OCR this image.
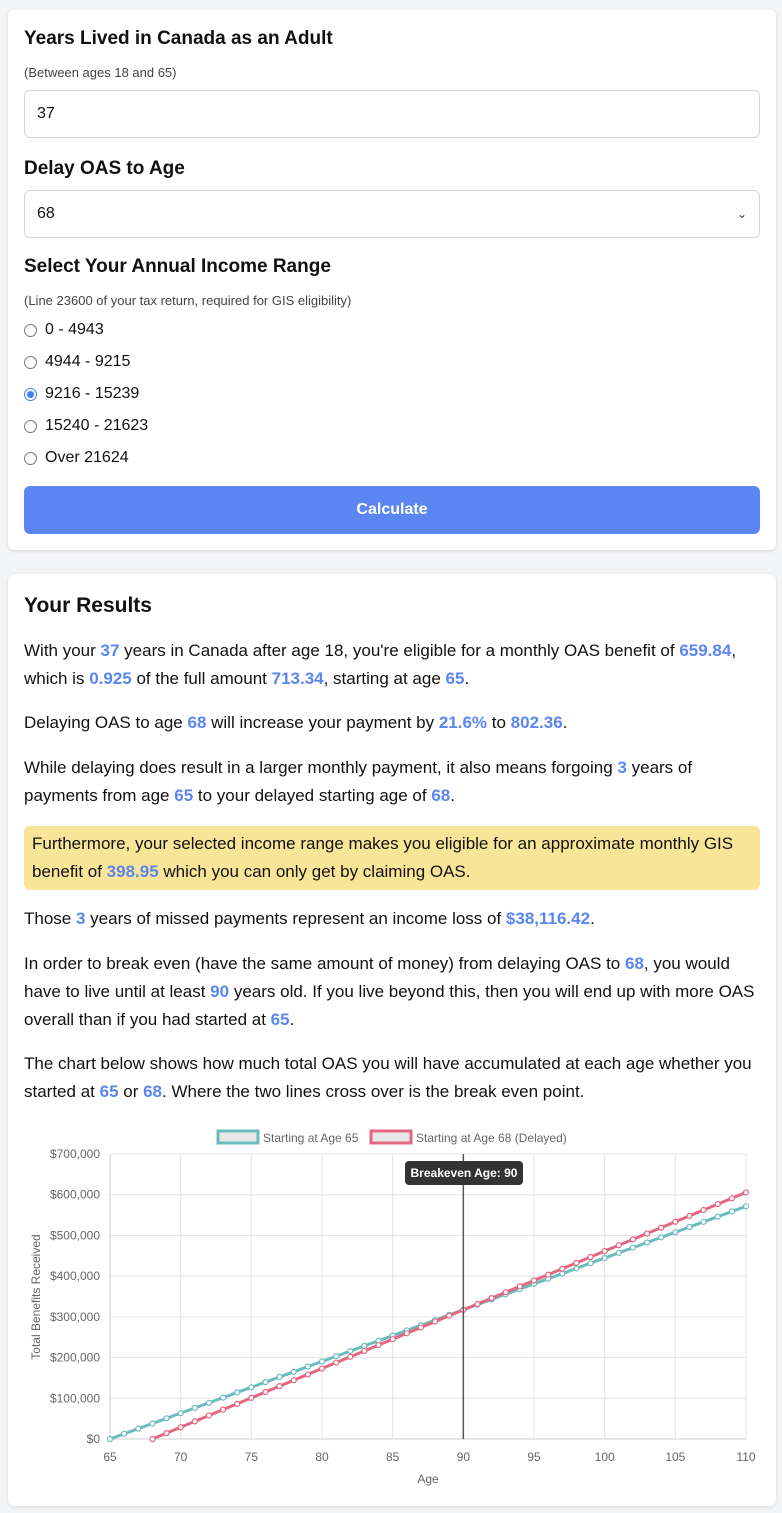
Years Lived in Canada as an Adult
(Between ages 18 and 65)
37
Delay OAS to Age
68	⌄
Select Your Annual Income Range
(Line 23600 of your tax return, required for GIS eligibility)
0 - 4943
4944 - 9215
9216 - 15239
15240 - 21623
Over 21624
Calculate
Your Results
With your 37 years in Canada after age 18, you're eligible for a monthly OAS benefit of 659.84, which is 0.925 of the full amount 713.34, starting at age 65.
Delaying OAS to age 68 will increase your payment by 21.6% to 802.36.
While delaying does result in a larger monthly payment, it also means forgoing 3 years of payments from age 65 to your delayed starting age of 68.
Furthermore, your selected income range makes you eligible for an approximate monthly GIS benefit of 398.95 which you can only get by claiming OAS.
Those 3 years of missed payments represent an income loss of $38,116.42.
In order to break even (have the same amount of money) from delaying OAS to 68, you would have to live until at least 90 years old. If you live beyond this, then you will end up with more OAS overall than if you had started at 65.
The chart below shows how much total OAS you will have accumulated at each age whether you started at 65 or 68. Where the two lines cross over is the break even point.
$0
$100,000
$200,000
$300,000
$400,000
$500,000
$600,000
$700,000
65	70	75	80	85	90	95	100	105	110
Age
Total Benefits Received
Breakeven Age: 90
Starting at Age 65	Starting at Age 68 (Delayed)
